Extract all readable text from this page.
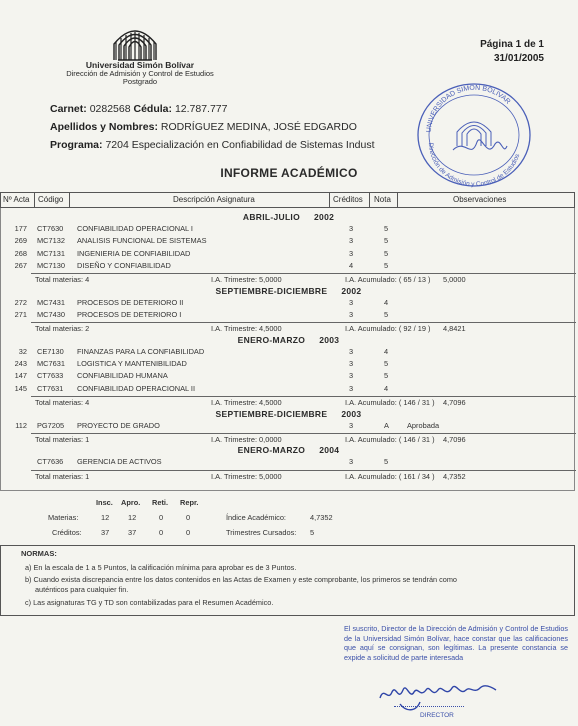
Página 1 de 1
31/01/2005
Universidad Simón Bolívar
Dirección de Admisión y Control de Estudios
Postgrado
Carnet: 0282568 Cédula: 12.787.777
Apellidos y Nombres: RODRÍGUEZ MEDINA, JOSÉ EDGARDO
Programa: 7204 Especialización en Confiabilidad de Sistemas Indust
UNIVERSIDAD SIMON BOLIVAR
Dirección de Admisión y Control de Estudios
INFORME ACADÉMICO
Nº Acta Código	Descripción Asignatura	Créditos Nota	Observaciones
ABRIL-JULIO 2002
177 CT7630 CONFIABILIDAD OPERACIONAL I	3	5
269 MC7132 ANALISIS FUNCIONAL DE SISTEMAS	3	5
268 MC7131 INGENIERIA DE CONFIABILIDAD	3	5
267 MC7130 DISEÑO Y CONFIABILIDAD	4	5
Total materias: 4	I.A. Trimestre: 5,0000	I.A. Acumulado: ( 65 / 13 ) 5,0000
SEPTIEMBRE-DICIEMBRE 2002
272 MC7431 PROCESOS DE DETERIORO II	3	4
271 MC7430 PROCESOS DE DETERIORO I	3	5
Total materias: 2	I.A. Trimestre: 4,5000	I.A. Acumulado: ( 92 / 19 ) 4,8421
ENERO-MARZO 2003
32 CE7130 FINANZAS PARA LA CONFIABILIDAD	3	4
243 MC7631 LOGISTICA Y MANTENIBILIDAD	3	5
147 CT7633 CONFIABILIDAD HUMANA	3	5
145 CT7631 CONFIABILIDAD OPERACIONAL II	3	4
Total materias: 4	I.A. Trimestre: 4,5000	I.A. Acumulado: ( 146 / 31 ) 4,7096
SEPTIEMBRE-DICIEMBRE 2003
112 PG7205 PROYECTO DE GRADO	3	A Aprobada
Total materias: 1	I.A. Trimestre: 0,0000	I.A. Acumulado: ( 146 / 31 ) 4,7096
ENERO-MARZO 2004
CT7636 GERENCIA DE ACTIVOS	3	5
Total materias: 1	I.A. Trimestre: 5,0000	I.A. Acumulado: ( 161 / 34 ) 4,7352
Insc. Apro. Reti. Repr.
Materias:	12	12	0	0	Índice Académico:	4,7352
Créditos:	37	37	0	0	Trimestres Cursados: 5
NORMAS:
a) En la escala de 1 a 5 Puntos, la calificación mínima para aprobar es de 3 Puntos.
b) Cuando exista discrepancia entre los datos contenidos en las Actas de Examen y este comprobante, los primeros se tendrán como
auténticos para cualquier fin.
c) Las asignaturas TG y TD son contabilizadas para el Resumen Académico.
El suscrito, Director de la Dirección de Admisión y Control de Estudios de la Universidad Simón Bolívar, hace constar que las calificaciones que aquí se consignan, son legítimas. La presente constancia se expide a solicitud de parte interesada
DIRECTOR
